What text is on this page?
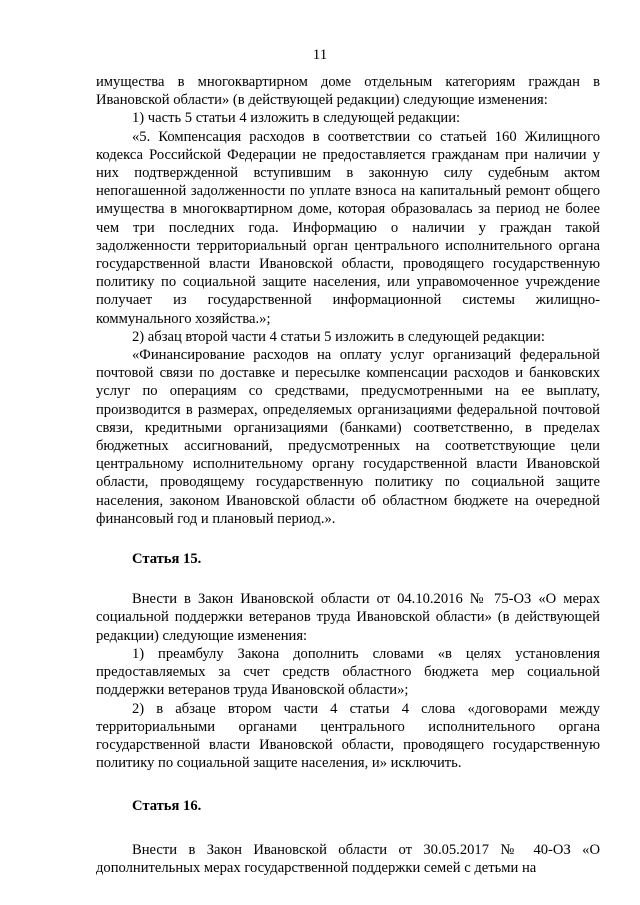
11

имущества в многоквартирном доме отдельным категориям граждан в Ивановской области» (в действующей редакции) следующие изменения:

1) часть 5 статьи 4 изложить в следующей редакции:

«5. Компенсация расходов в соответствии со статьей 160 Жилищного кодекса Российской Федерации не предоставляется гражданам при наличии у них подтвержденной вступившим в законную силу судебным актом непогашенной задолженности по уплате взноса на капитальный ремонт общего имущества в многоквартирном доме, которая образовалась за период не более чем три последних года. Информацию о наличии у граждан такой задолженности территориальный орган центрального исполнительного органа государственной власти Ивановской области, проводящего государственную политику по социальной защите населения, или управомоченное учреждение получает из государственной информационной системы жилищно-коммунального хозяйства.»;

2) абзац второй части 4 статьи 5 изложить в следующей редакции:

«Финансирование расходов на оплату услуг организаций федеральной почтовой связи по доставке и пересылке компенсации расходов и банковских услуг по операциям со средствами, предусмотренными на ее выплату, производится в размерах, определяемых организациями федеральной почтовой связи, кредитными организациями (банками) соответственно, в пределах бюджетных ассигнований, предусмотренных на соответствующие цели центральному исполнительному органу государственной власти Ивановской области, проводящему государственную политику по социальной защите населения, законом Ивановской области об областном бюджете на очередной финансовый год и плановый период.».

Статья 15.

Внести в Закон Ивановской области от 04.10.2016 № 75-ОЗ «О мерах социальной поддержки ветеранов труда Ивановской области» (в действующей редакции) следующие изменения:

1) преамбулу Закона дополнить словами «в целях установления предоставляемых за счет средств областного бюджета мер социальной поддержки ветеранов труда Ивановской области»;

2) в абзаце втором части 4 статьи 4 слова «договорами между территориальными органами центрального исполнительного органа государственной власти Ивановской области, проводящего государственную политику по социальной защите населения, и» исключить.

Статья 16.

Внести в Закон Ивановской области от 30.05.2017 № 40-ОЗ «О дополнительных мерах государственной поддержки семей с детьми на
